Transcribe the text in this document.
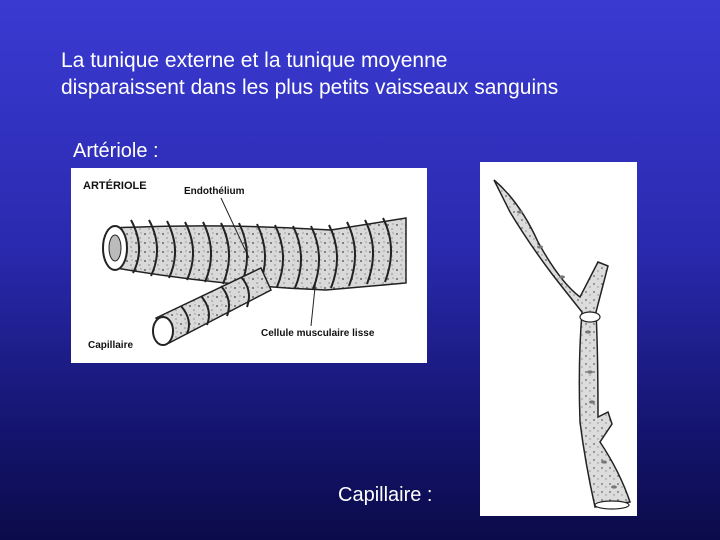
La tunique externe et la tunique moyenne
disparaissent dans les plus petits vaisseaux sanguins
Artériole :
ARTÉRIOLE	Endothélium
Cellule musculaire lisse
Capillaire
Capillaire :
